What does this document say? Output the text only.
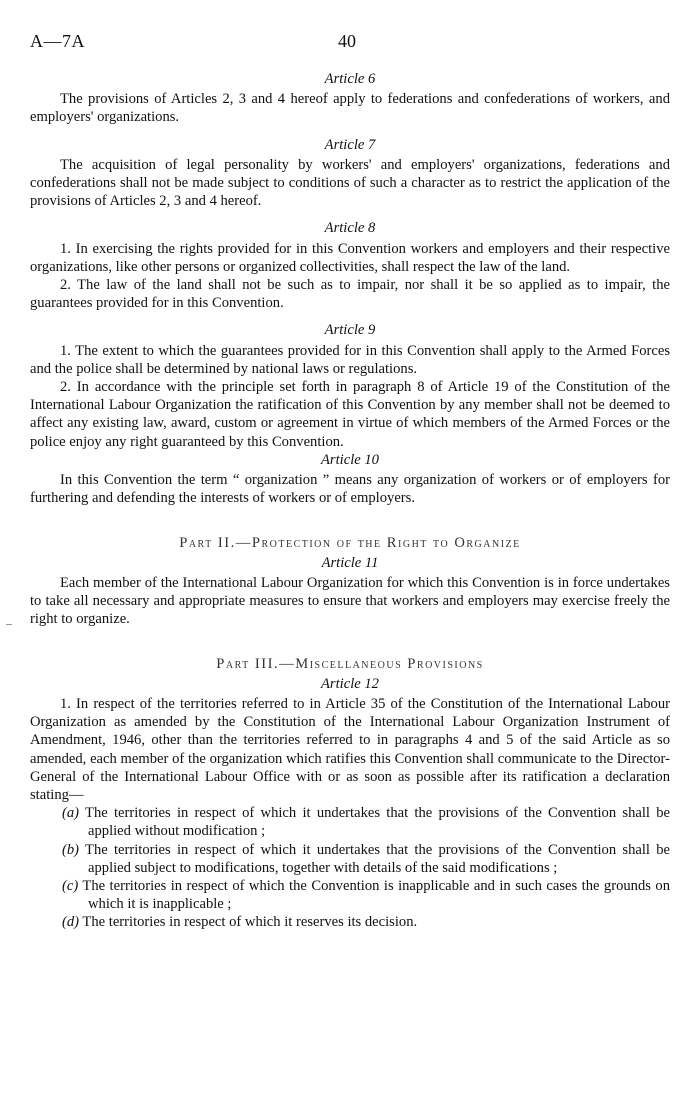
A—7A	40
Article 6

The provisions of Articles 2, 3 and 4 hereof apply to federations and confederations of workers, and employers' organizations.

Article 7

The acquisition of legal personality by workers' and employers' organizations, federations and confederations shall not be made subject to conditions of such a character as to restrict the application of the provisions of Articles 2, 3 and 4 hereof.

Article 8

1. In exercising the rights provided for in this Convention workers and employers and their respective organizations, like other persons or organized collectivities, shall respect the law of the land.

2. The law of the land shall not be such as to impair, nor shall it be so applied as to impair, the guarantees provided for in this Convention.

Article 9

1. The extent to which the guarantees provided for in this Convention shall apply to the Armed Forces and the police shall be determined by national laws or regulations.

2. In accordance with the principle set forth in paragraph 8 of Article 19 of the Constitution of the International Labour Organization the ratification of this Convention by any member shall not be deemed to affect any existing law, award, custom or agreement in virtue of which members of the Armed Forces or the police enjoy any right guaranteed by this Convention.

Article 10

In this Convention the term “ organization ” means any organization of workers or of employers for furthering and defending the interests of workers or of employers.

Part II.—Protection of the Right to Organize
Article 11

Each member of the International Labour Organization for which this Convention is in force undertakes to take all necessary and appropriate measures to ensure that workers and employers may exercise freely the right to organize.

Part III.—Miscellaneous Provisions
Article 12

1. In respect of the territories referred to in Article 35 of the Constitution of the International Labour Organization as amended by the Constitution of the International Labour Organization Instrument of Amendment, 1946, other than the territories referred to in paragraphs 4 and 5 of the said Article as so amended, each member of the organization which ratifies this Convention shall communicate to the Director-General of the International Labour Office with or as soon as possible after its ratification a declaration stating—

(a) The territories in respect of which it undertakes that the provisions of the Convention shall be applied without modification ;

(b) The territories in respect of which it undertakes that the provisions of the Convention shall be applied subject to modifications, together with details of the said modifications ;

(c) The territories in respect of which the Convention is inapplicable and in such cases the grounds on which it is inapplicable ;

(d) The territories in respect of which it reserves its decision.
